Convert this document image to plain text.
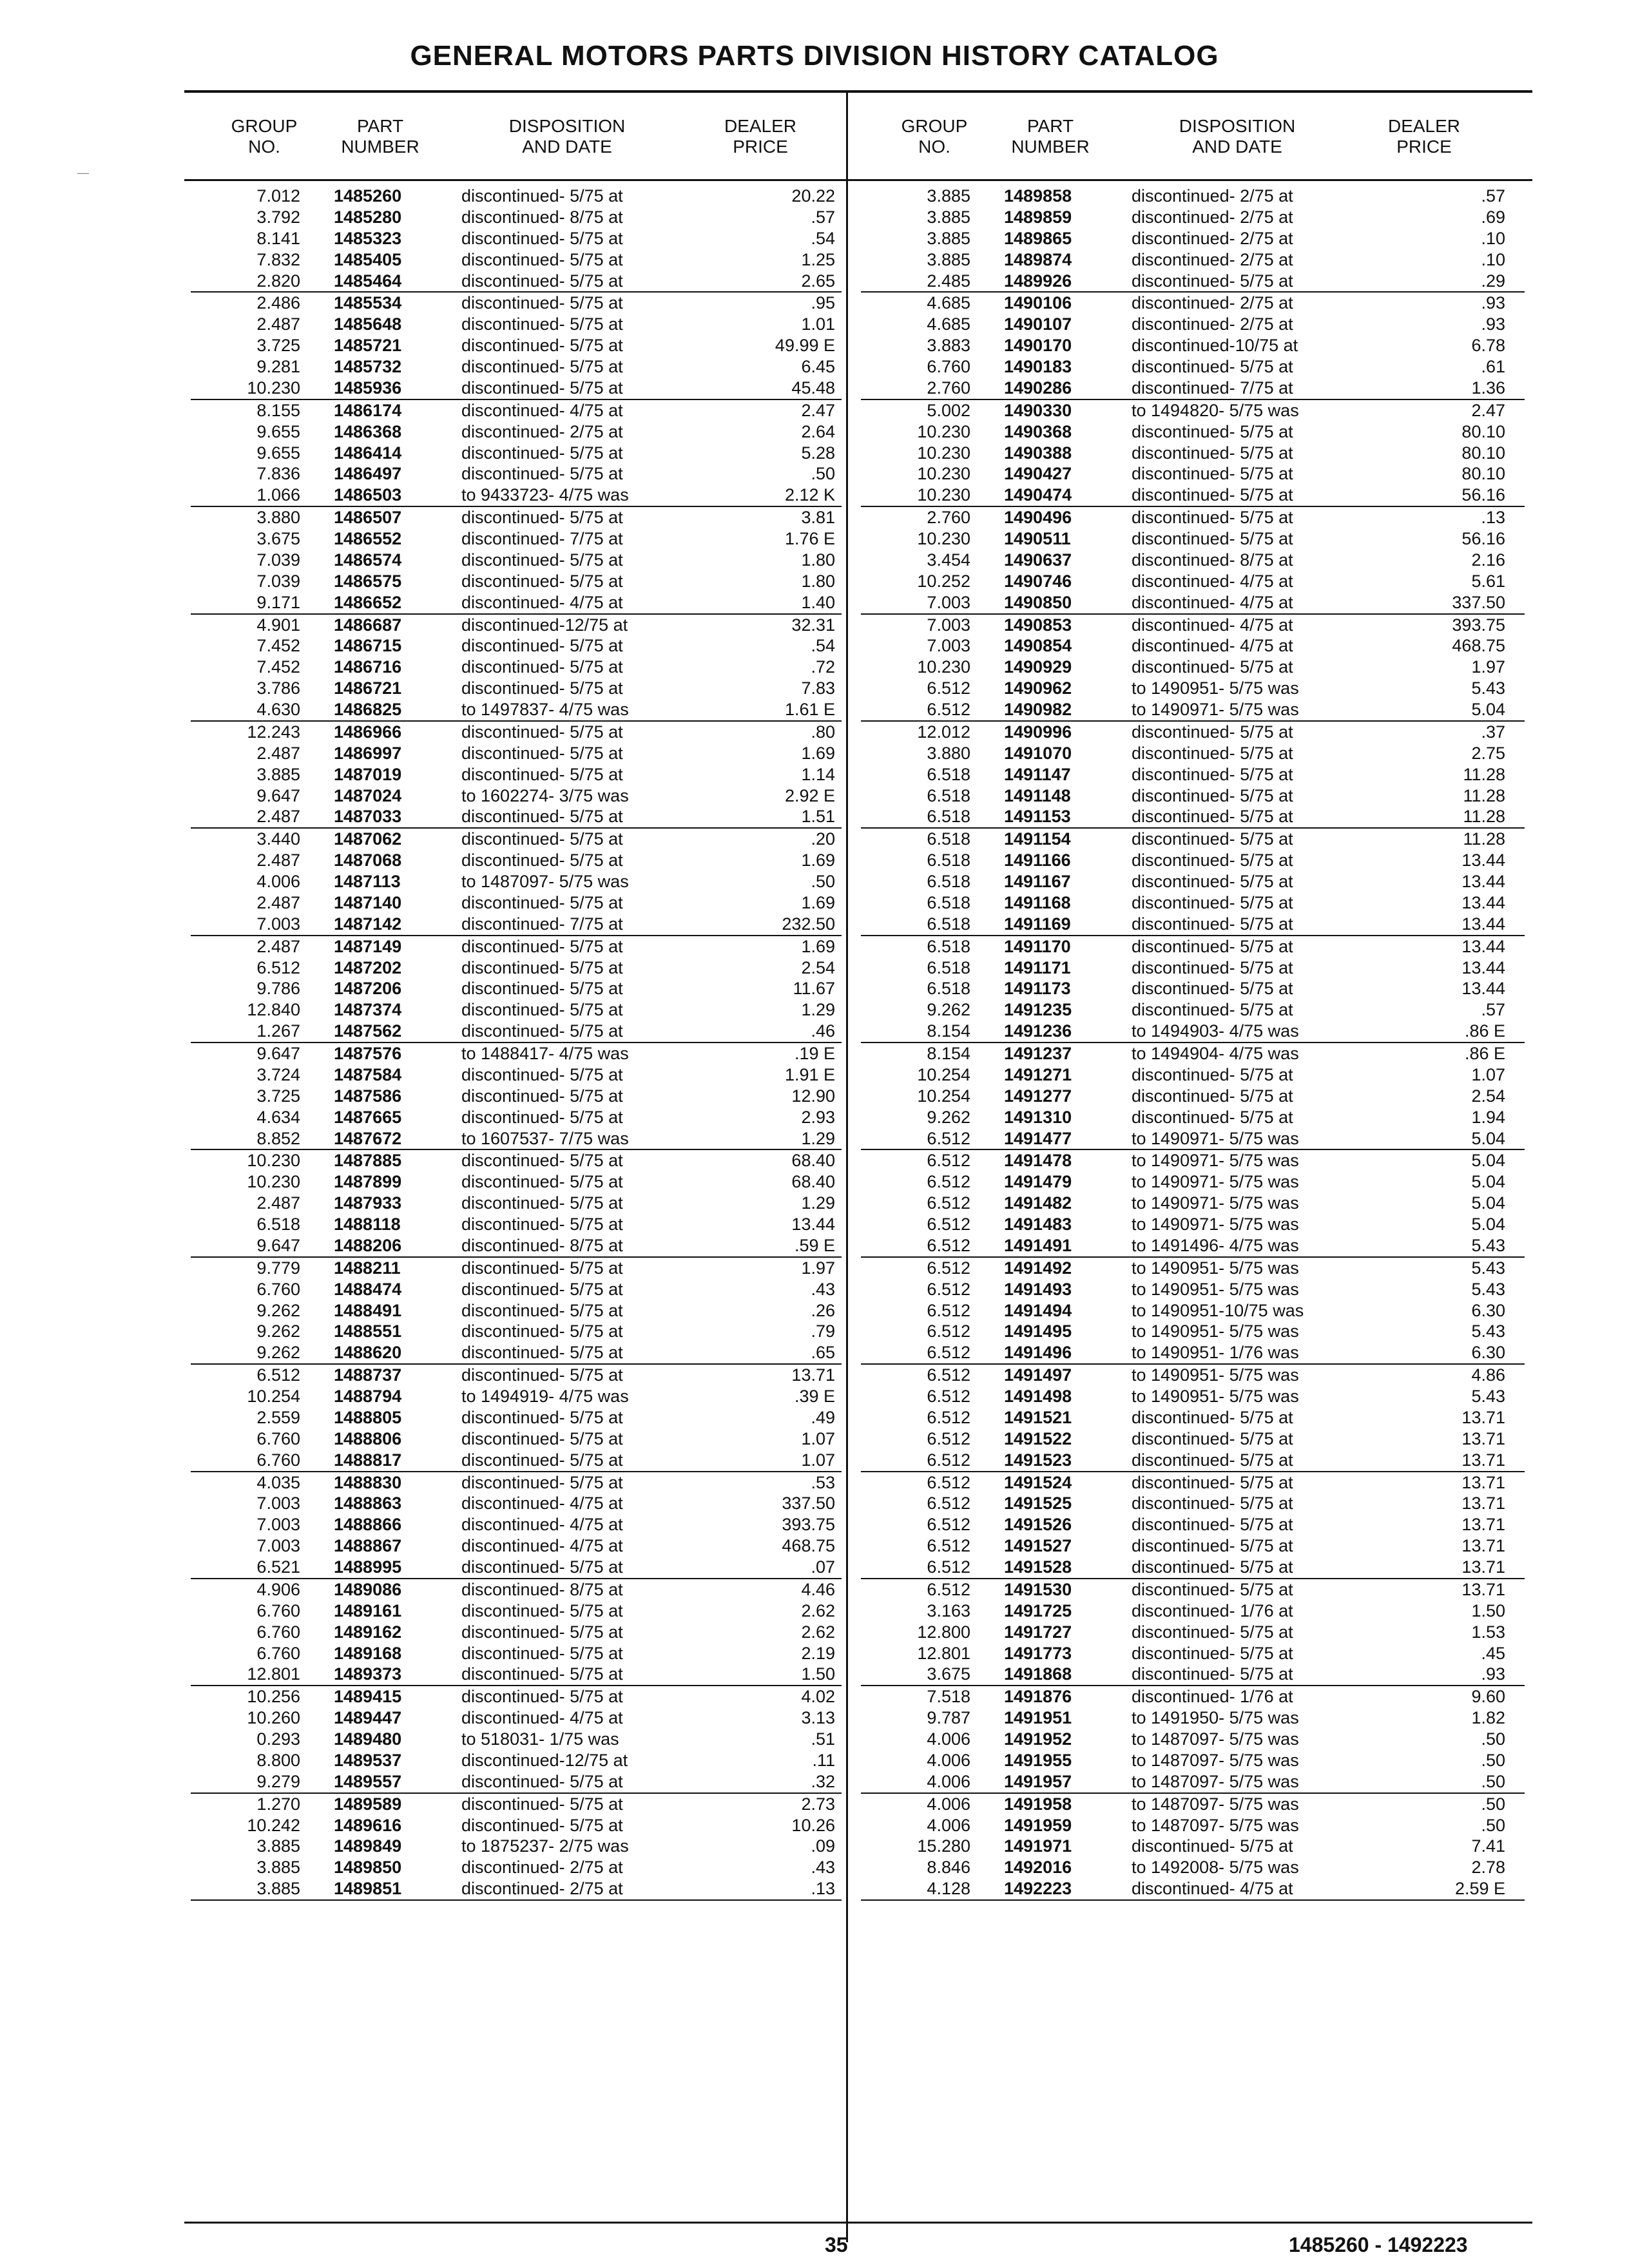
GENERAL MOTORS PARTS DIVISION HISTORY CATALOG
—
GROUP
NO.
PART
NUMBER
DISPOSITION
AND DATE
DEALER
PRICE
GROUP
NO.
PART
NUMBER
DISPOSITION
AND DATE
DEALER
PRICE
7.012 1485260	discontinued- 5/75 at	20.22
3.792 1485280	discontinued- 8/75 at	.57
8.141 1485323	discontinued- 5/75 at	.54
7.832 1485405	discontinued- 5/75 at	1.25
2.820 1485464	discontinued- 5/75 at	2.65
2.486 1485534	discontinued- 5/75 at	.95
2.487 1485648	discontinued- 5/75 at	1.01
3.725 1485721	discontinued- 5/75 at	49.99 E
9.281 1485732	discontinued- 5/75 at	6.45
10.230 1485936	discontinued- 5/75 at	45.48
8.155 1486174	discontinued- 4/75 at	2.47
9.655 1486368	discontinued- 2/75 at	2.64
9.655 1486414	discontinued- 5/75 at	5.28
7.836 1486497	discontinued- 5/75 at	.50
1.066 1486503	to 9433723- 4/75 was	2.12 K
3.880 1486507	discontinued- 5/75 at	3.81
3.675 1486552	discontinued- 7/75 at	1.76 E
7.039 1486574	discontinued- 5/75 at	1.80
7.039 1486575	discontinued- 5/75 at	1.80
9.171 1486652	discontinued- 4/75 at	1.40
4.901 1486687	discontinued-12/75 at	32.31
7.452 1486715	discontinued- 5/75 at	.54
7.452 1486716	discontinued- 5/75 at	.72
3.786 1486721	discontinued- 5/75 at	7.83
4.630 1486825	to 1497837- 4/75 was	1.61 E
12.243 1486966	discontinued- 5/75 at	.80
2.487 1486997	discontinued- 5/75 at	1.69
3.885 1487019	discontinued- 5/75 at	1.14
9.647 1487024	to 1602274- 3/75 was	2.92 E
2.487 1487033	discontinued- 5/75 at	1.51
3.440 1487062	discontinued- 5/75 at	.20
2.487 1487068	discontinued- 5/75 at	1.69
4.006 1487113	to 1487097- 5/75 was	.50
2.487 1487140	discontinued- 5/75 at	1.69
7.003 1487142	discontinued- 7/75 at	232.50
2.487 1487149	discontinued- 5/75 at	1.69
6.512 1487202	discontinued- 5/75 at	2.54
9.786 1487206	discontinued- 5/75 at	11.67
12.840 1487374	discontinued- 5/75 at	1.29
1.267 1487562	discontinued- 5/75 at	.46
9.647 1487576	to 1488417- 4/75 was	.19 E
3.724 1487584	discontinued- 5/75 at	1.91 E
3.725 1487586	discontinued- 5/75 at	12.90
4.634 1487665	discontinued- 5/75 at	2.93
8.852 1487672	to 1607537- 7/75 was	1.29
10.230 1487885	discontinued- 5/75 at	68.40
10.230 1487899	discontinued- 5/75 at	68.40
2.487 1487933	discontinued- 5/75 at	1.29
6.518 1488118	discontinued- 5/75 at	13.44
9.647 1488206	discontinued- 8/75 at	.59 E
9.779 1488211	discontinued- 5/75 at	1.97
6.760 1488474	discontinued- 5/75 at	.43
9.262 1488491	discontinued- 5/75 at	.26
9.262 1488551	discontinued- 5/75 at	.79
9.262 1488620	discontinued- 5/75 at	.65
6.512 1488737	discontinued- 5/75 at	13.71
10.254 1488794	to 1494919- 4/75 was	.39 E
2.559 1488805	discontinued- 5/75 at	.49
6.760 1488806	discontinued- 5/75 at	1.07
6.760 1488817	discontinued- 5/75 at	1.07
4.035 1488830	discontinued- 5/75 at	.53
7.003 1488863	discontinued- 4/75 at	337.50
7.003 1488866	discontinued- 4/75 at	393.75
7.003 1488867	discontinued- 4/75 at	468.75
6.521 1488995	discontinued- 5/75 at	.07
4.906 1489086	discontinued- 8/75 at	4.46
6.760 1489161	discontinued- 5/75 at	2.62
6.760 1489162	discontinued- 5/75 at	2.62
6.760 1489168	discontinued- 5/75 at	2.19
12.801 1489373	discontinued- 5/75 at	1.50
10.256 1489415	discontinued- 5/75 at	4.02
10.260 1489447	discontinued- 4/75 at	3.13
0.293 1489480	to 518031- 1/75 was	.51
8.800 1489537	discontinued-12/75 at	.11
9.279 1489557	discontinued- 5/75 at	.32
1.270 1489589	discontinued- 5/75 at	2.73
10.242 1489616	discontinued- 5/75 at	10.26
3.885 1489849	to 1875237- 2/75 was	.09
3.885 1489850	discontinued- 2/75 at	.43
3.885 1489851	discontinued- 2/75 at	.13
3.885 1489858	discontinued- 2/75 at	.57
3.885 1489859	discontinued- 2/75 at	.69
3.885 1489865	discontinued- 2/75 at	.10
3.885 1489874	discontinued- 2/75 at	.10
2.485 1489926	discontinued- 5/75 at	.29
4.685 1490106	discontinued- 2/75 at	.93
4.685 1490107	discontinued- 2/75 at	.93
3.883 1490170	discontinued-10/75 at	6.78
6.760 1490183	discontinued- 5/75 at	.61
2.760 1490286	discontinued- 7/75 at	1.36
5.002 1490330	to 1494820- 5/75 was	2.47
10.230 1490368	discontinued- 5/75 at	80.10
10.230 1490388	discontinued- 5/75 at	80.10
10.230 1490427	discontinued- 5/75 at	80.10
10.230 1490474	discontinued- 5/75 at	56.16
2.760 1490496	discontinued- 5/75 at	.13
10.230 1490511	discontinued- 5/75 at	56.16
3.454 1490637	discontinued- 8/75 at	2.16
10.252 1490746	discontinued- 4/75 at	5.61
7.003 1490850	discontinued- 4/75 at	337.50
7.003 1490853	discontinued- 4/75 at	393.75
7.003 1490854	discontinued- 4/75 at	468.75
10.230 1490929	discontinued- 5/75 at	1.97
6.512 1490962	to 1490951- 5/75 was	5.43
6.512 1490982	to 1490971- 5/75 was	5.04
12.012 1490996	discontinued- 5/75 at	.37
3.880 1491070	discontinued- 5/75 at	2.75
6.518 1491147	discontinued- 5/75 at	11.28
6.518 1491148	discontinued- 5/75 at	11.28
6.518 1491153	discontinued- 5/75 at	11.28
6.518 1491154	discontinued- 5/75 at	11.28
6.518 1491166	discontinued- 5/75 at	13.44
6.518 1491167	discontinued- 5/75 at	13.44
6.518 1491168	discontinued- 5/75 at	13.44
6.518 1491169	discontinued- 5/75 at	13.44
6.518 1491170	discontinued- 5/75 at	13.44
6.518 1491171	discontinued- 5/75 at	13.44
6.518 1491173	discontinued- 5/75 at	13.44
9.262 1491235	discontinued- 5/75 at	.57
8.154 1491236	to 1494903- 4/75 was	.86 E
8.154 1491237	to 1494904- 4/75 was	.86 E
10.254 1491271	discontinued- 5/75 at	1.07
10.254 1491277	discontinued- 5/75 at	2.54
9.262 1491310	discontinued- 5/75 at	1.94
6.512 1491477	to 1490971- 5/75 was	5.04
6.512 1491478	to 1490971- 5/75 was	5.04
6.512 1491479	to 1490971- 5/75 was	5.04
6.512 1491482	to 1490971- 5/75 was	5.04
6.512 1491483	to 1490971- 5/75 was	5.04
6.512 1491491	to 1491496- 4/75 was	5.43
6.512 1491492	to 1490951- 5/75 was	5.43
6.512 1491493	to 1490951- 5/75 was	5.43
6.512 1491494	to 1490951-10/75 was	6.30
6.512 1491495	to 1490951- 5/75 was	5.43
6.512 1491496	to 1490951- 1/76 was	6.30
6.512 1491497	to 1490951- 5/75 was	4.86
6.512 1491498	to 1490951- 5/75 was	5.43
6.512 1491521	discontinued- 5/75 at	13.71
6.512 1491522	discontinued- 5/75 at	13.71
6.512 1491523	discontinued- 5/75 at	13.71
6.512 1491524	discontinued- 5/75 at	13.71
6.512 1491525	discontinued- 5/75 at	13.71
6.512 1491526	discontinued- 5/75 at	13.71
6.512 1491527	discontinued- 5/75 at	13.71
6.512 1491528	discontinued- 5/75 at	13.71
6.512 1491530	discontinued- 5/75 at	13.71
3.163 1491725	discontinued- 1/76 at	1.50
12.800 1491727	discontinued- 5/75 at	1.53
12.801 1491773	discontinued- 5/75 at	.45
3.675 1491868	discontinued- 5/75 at	.93
7.518 1491876	discontinued- 1/76 at	9.60
9.787 1491951	to 1491950- 5/75 was	1.82
4.006 1491952	to 1487097- 5/75 was	.50
4.006 1491955	to 1487097- 5/75 was	.50
4.006 1491957	to 1487097- 5/75 was	.50
4.006 1491958	to 1487097- 5/75 was	.50
4.006 1491959	to 1487097- 5/75 was	.50
15.280 1491971	discontinued- 5/75 at	7.41
8.846 1492016	to 1492008- 5/75 was	2.78
4.128 1492223	discontinued- 4/75 at	2.59 E
35	1485260 - 1492223
